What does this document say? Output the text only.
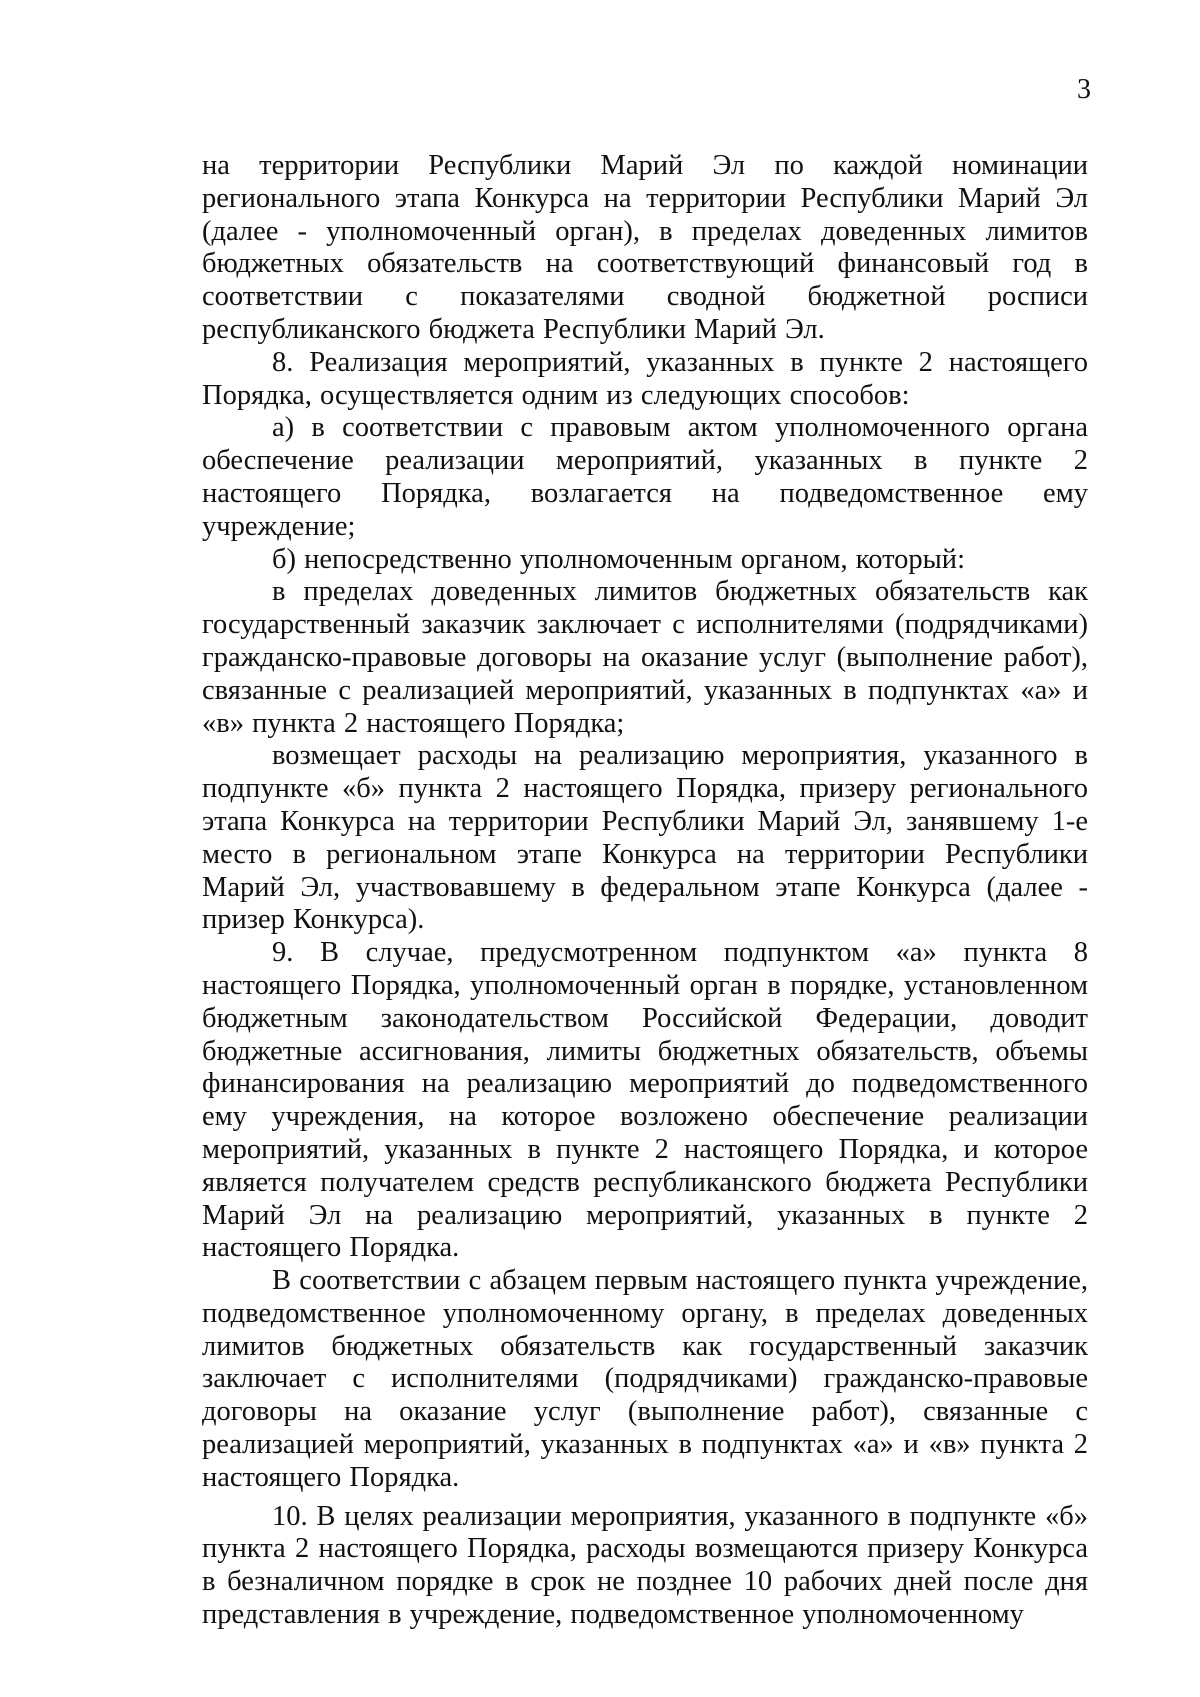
3

на территории Республики Марий Эл по каждой номинации регионального этапа Конкурса на территории Республики Марий Эл (далее - уполномоченный орган), в пределах доведенных лимитов бюджетных обязательств на соответствующий финансовый год в соответствии с показателями сводной бюджетной росписи республиканского бюджета Республики Марий Эл.

8. Реализация мероприятий, указанных в пункте 2 настоящего Порядка, осуществляется одним из следующих способов:

а) в соответствии с правовым актом уполномоченного органа обеспечение реализации мероприятий, указанных в пункте 2 настоящего Порядка, возлагается на подведомственное ему учреждение;

б) непосредственно уполномоченным органом, который:

в пределах доведенных лимитов бюджетных обязательств как государственный заказчик заключает с исполнителями (подрядчиками) гражданско-правовые договоры на оказание услуг (выполнение работ), связанные с реализацией мероприятий, указанных в подпунктах «а» и «в» пункта 2 настоящего Порядка;

возмещает расходы на реализацию мероприятия, указанного в подпункте «б» пункта 2 настоящего Порядка, призеру регионального этапа Конкурса на территории Республики Марий Эл, занявшему 1-е место в региональном этапе Конкурса на территории Республики Марий Эл, участвовавшему в федеральном этапе Конкурса (далее - призер Конкурса).

9. В случае, предусмотренном подпунктом «а» пункта 8 настоящего Порядка, уполномоченный орган в порядке, установленном бюджетным законодательством Российской Федерации, доводит бюджетные ассигнования, лимиты бюджетных обязательств, объемы финансирования на реализацию мероприятий до подведомственного ему учреждения, на которое возложено обеспечение реализации мероприятий, указанных в пункте 2 настоящего Порядка, и которое является получателем средств республиканского бюджета Республики Марий Эл на реализацию мероприятий, указанных в пункте 2 настоящего Порядка.

В соответствии с абзацем первым настоящего пункта учреждение, подведомственное уполномоченному органу, в пределах доведенных лимитов бюджетных обязательств как государственный заказчик заключает с исполнителями (подрядчиками) гражданско-правовые договоры на оказание услуг (выполнение работ), связанные с реализацией мероприятий, указанных в подпунктах «а» и «в» пункта 2 настоящего Порядка.

10. В целях реализации мероприятия, указанного в подпункте «б» пункта 2 настоящего Порядка, расходы возмещаются призеру Конкурса в безналичном порядке в срок не позднее 10 рабочих дней после дня представления в учреждение, подведомственное уполномоченному
